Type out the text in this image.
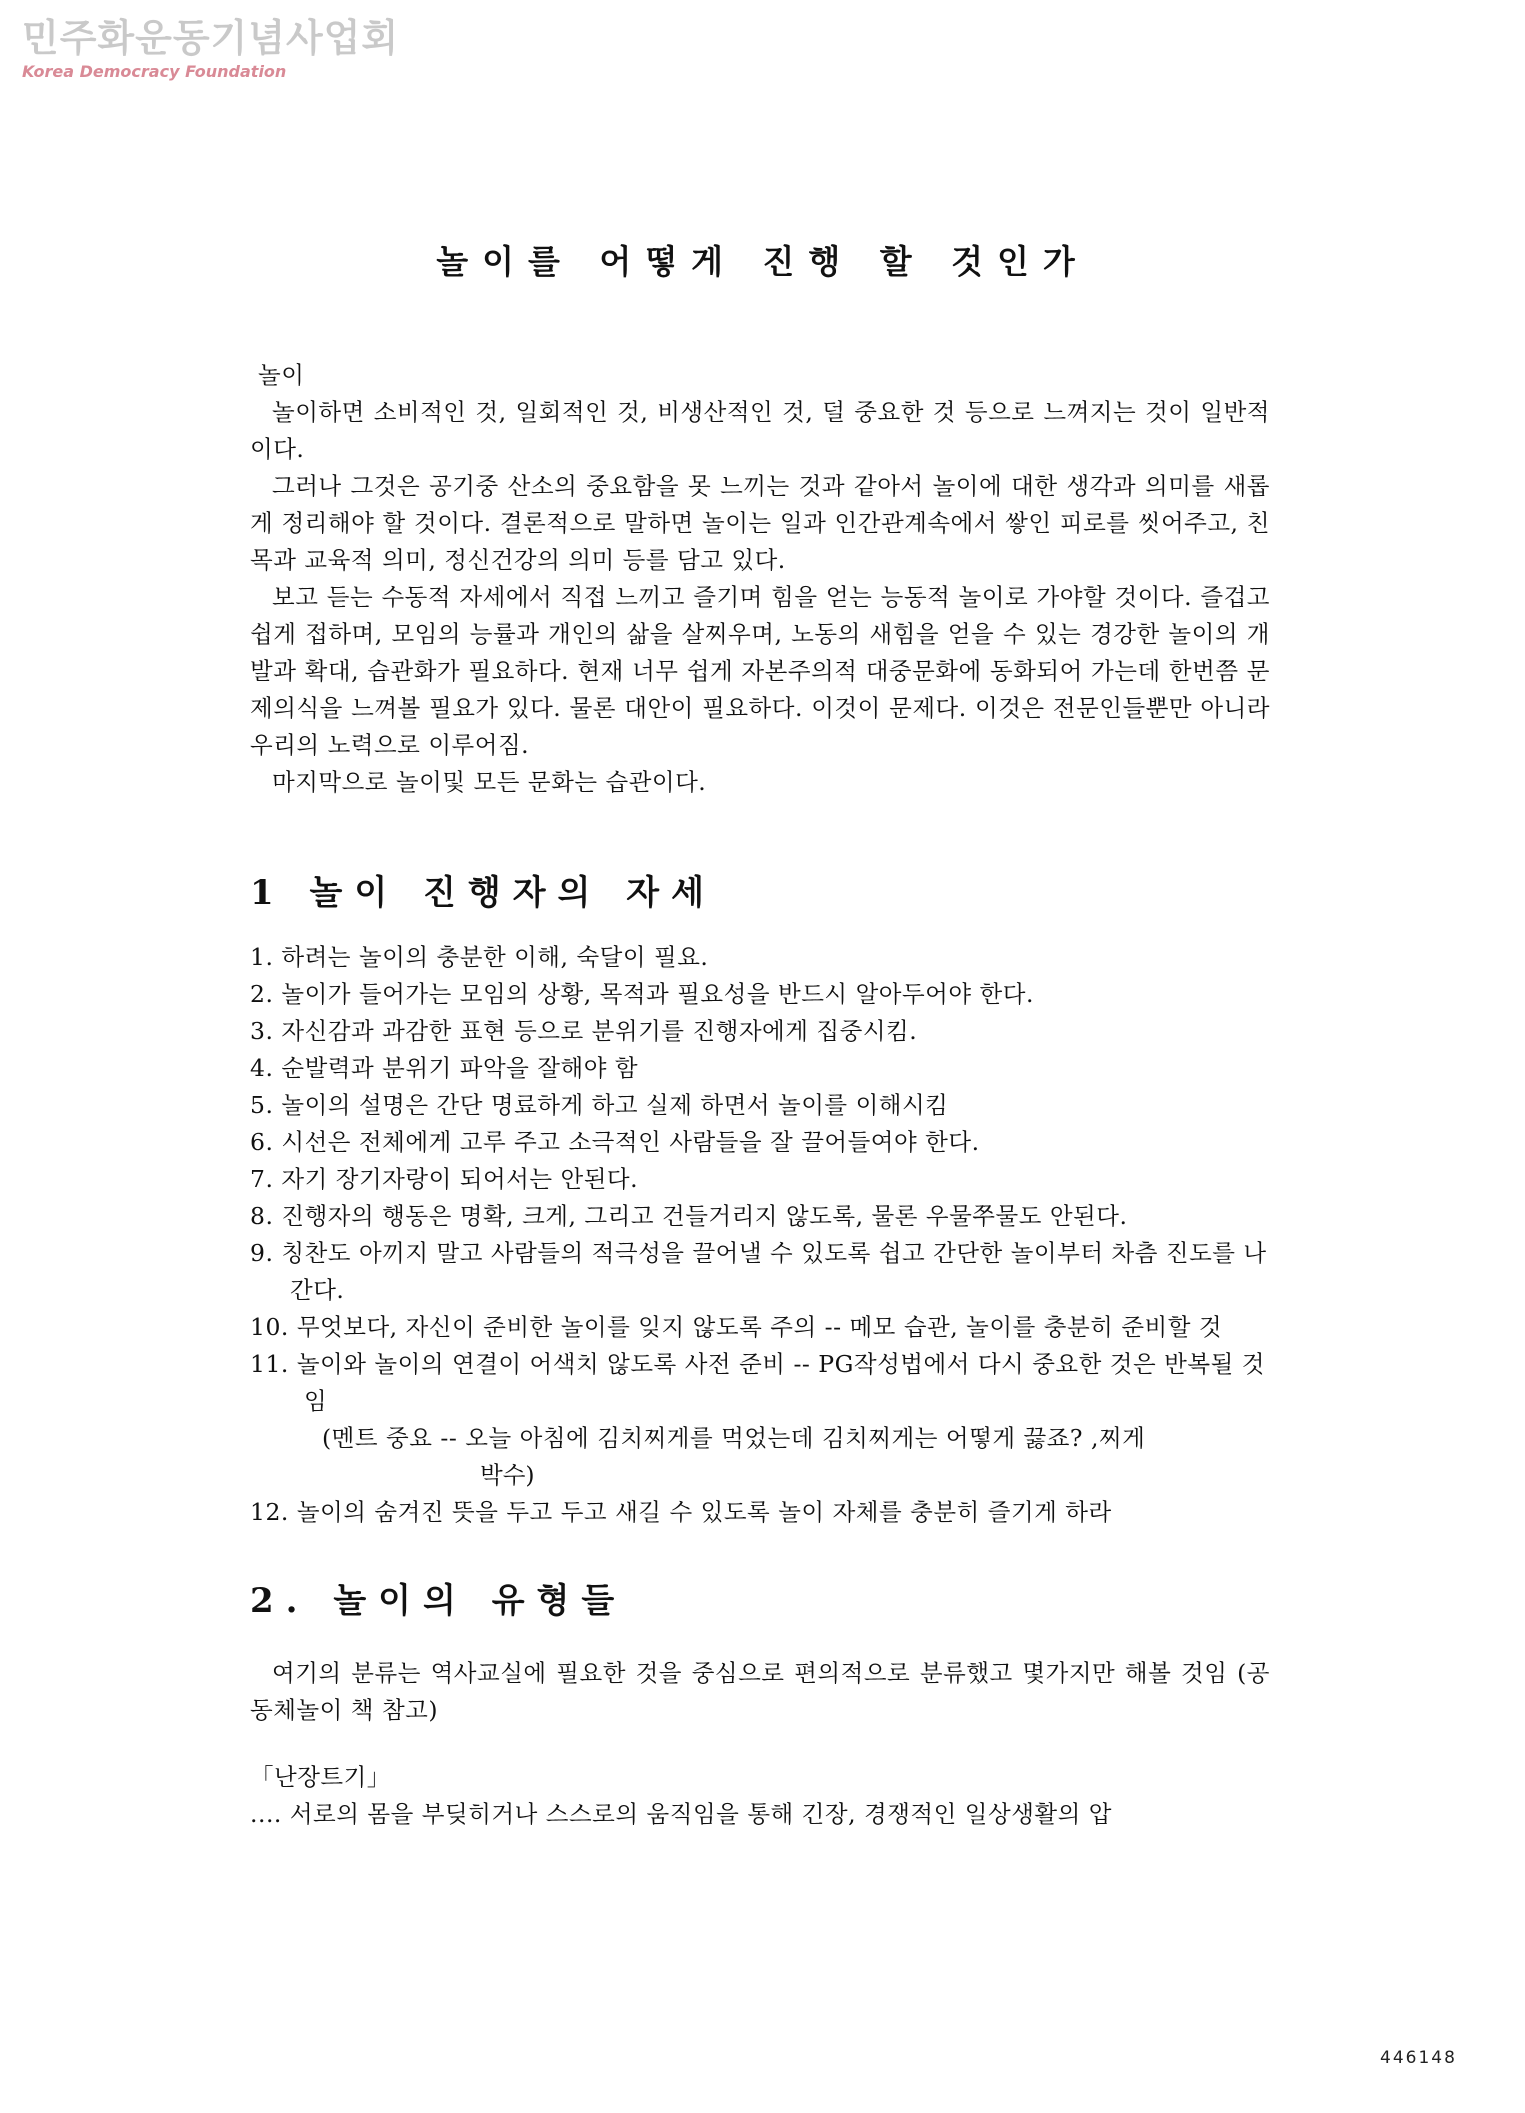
민주화운동기념사업회
Korea Democracy Foundation
놀이를 어떻게 진행 할 것인가

놀이

놀이하면 소비적인 것, 일회적인 것, 비생산적인 것, 덜 중요한 것 등으로 느껴지는 것이 일반적이다.

그러나 그것은 공기중 산소의 중요함을 못 느끼는 것과 같아서 놀이에 대한 생각과 의미를 새롭게 정리해야 할 것이다. 결론적으로 말하면 놀이는 일과 인간관계속에서 쌓인 피로를 씻어주고, 친목과 교육적 의미, 정신건강의 의미 등를 담고 있다.

보고 듣는 수동적 자세에서 직접 느끼고 즐기며 힘을 얻는 능동적 놀이로 가야할 것이다. 즐겁고 쉽게 접하며, 모임의 능률과 개인의 삶을 살찌우며, 노동의 새힘을 얻을 수 있는 경강한 놀이의 개발과 확대, 습관화가 필요하다. 현재 너무 쉽게 자본주의적 대중문화에 동화되어 가는데 한번쯤 문제의식을 느껴볼 필요가 있다. 물론 대안이 필요하다. 이것이 문제다. 이것은 전문인들뿐만 아니라 우리의 노력으로 이루어짐.

마지막으로 놀이및 모든 문화는 습관이다.

1 놀이 진행자의 자세
1. 하려는 놀이의 충분한 이해, 숙달이 필요.
2. 놀이가 들어가는 모임의 상황, 목적과 필요성을 반드시 알아두어야 한다.
3. 자신감과 과감한 표현 등으로 분위기를 진행자에게 집중시킴.
4. 순발력과 분위기 파악을 잘해야 함
5. 놀이의 설명은 간단 명료하게 하고 실제 하면서 놀이를 이해시킴
6. 시선은 전체에게 고루 주고 소극적인 사람들을 잘 끌어들여야 한다.
7. 자기 장기자랑이 되어서는 안된다.
8. 진행자의 행동은 명확, 크게, 그리고 건들거리지 않도록, 물론 우물쭈물도 안된다.
9. 칭찬도 아끼지 말고 사람들의 적극성을 끌어낼 수 있도록 쉽고 간단한 놀이부터 차츰 진도를 나간다.
10. 무엇보다, 자신이 준비한 놀이를 잊지 않도록 주의 -- 메모 습관, 놀이를 충분히 준비할 것
11. 놀이와 놀이의 연결이 어색치 않도록 사전 준비 -- PG작성법에서 다시 중요한 것은 반복될 것임
(멘트 중요 -- 오늘 아침에 김치찌게를 먹었는데 김치찌게는 어떻게 끓죠? ,찌게
박수)
12. 놀이의 숨겨진 뜻을 두고 두고 새길 수 있도록 놀이 자체를 충분히 즐기게 하라
2. 놀이의 유형들

여기의 분류는 역사교실에 필요한 것을 중심으로 편의적으로 분류했고 몇가지만 해볼 것임 (공동체놀이 책 참고)

「난장트기」

.... 서로의 몸을 부딪히거나 스스로의 움직임을 통해 긴장, 경쟁적인 일상생활의 압

446148
